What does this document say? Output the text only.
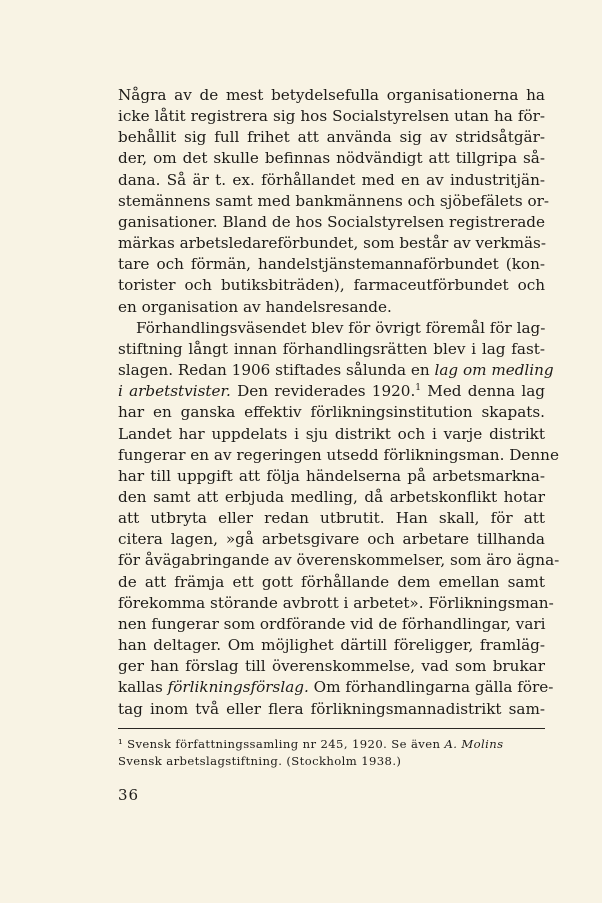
Några av de mest betydelsefulla organisationerna ha
icke låtit registrera sig hos Socialstyrelsen utan ha för-
behållit sig full frihet att använda sig av stridsåtgär-
der, om det skulle befinnas nödvändigt att tillgripa så-
dana. Så är t. ex. förhållandet med en av industritjän-
stemännens samt med bankmännens och sjöbefälets or-
ganisationer. Bland de hos Socialstyrelsen registrerade
märkas arbetsledareförbundet, som består av verkmäs-
tare och förmän, handelstjänstemannaförbundet (kon-
torister och butiksbiträden), farmaceutförbundet och
en organisation av handelsresande.

Förhandlingsväsendet blev för övrigt föremål för lag-
stiftning långt innan förhandlingsrätten blev i lag fast-
slagen. Redan 1906 stiftades sålunda en lag om medling
i arbetstvister. Den reviderades 1920.$^1$ Med denna lag
har en ganska effektiv förlikningsinstitution skapats.
Landet har uppdelats i sju distrikt och i varje distrikt
fungerar en av regeringen utsedd förlikningsman. Denne
har till uppgift att följa händelserna på arbetsmarkna-
den samt att erbjuda medling, då arbetskonflikt hotar
att utbryta eller redan utbrutit. Han skall, för att
citera lagen, »gå arbetsgivare och arbetare tillhanda
för åvägabringande av överenskommelser, som äro ägna-
de att främja ett gott förhållande dem emellan samt
förekomma störande avbrott i arbetet». Förlikningsman-
nen fungerar som ordförande vid de förhandlingar, vari
han deltager. Om möjlighet därtill föreligger, framläg-
ger han förslag till överenskommelse, vad som brukar
kallas förlikningsförslag. Om förhandlingarna gälla före-
tag inom två eller flera förlikningsmannadistrikt sam-

¹ Svensk författningssamling nr 245, 1920. Se även A. Molins
Svensk arbetslagstiftning. (Stockholm 1938.)
36
